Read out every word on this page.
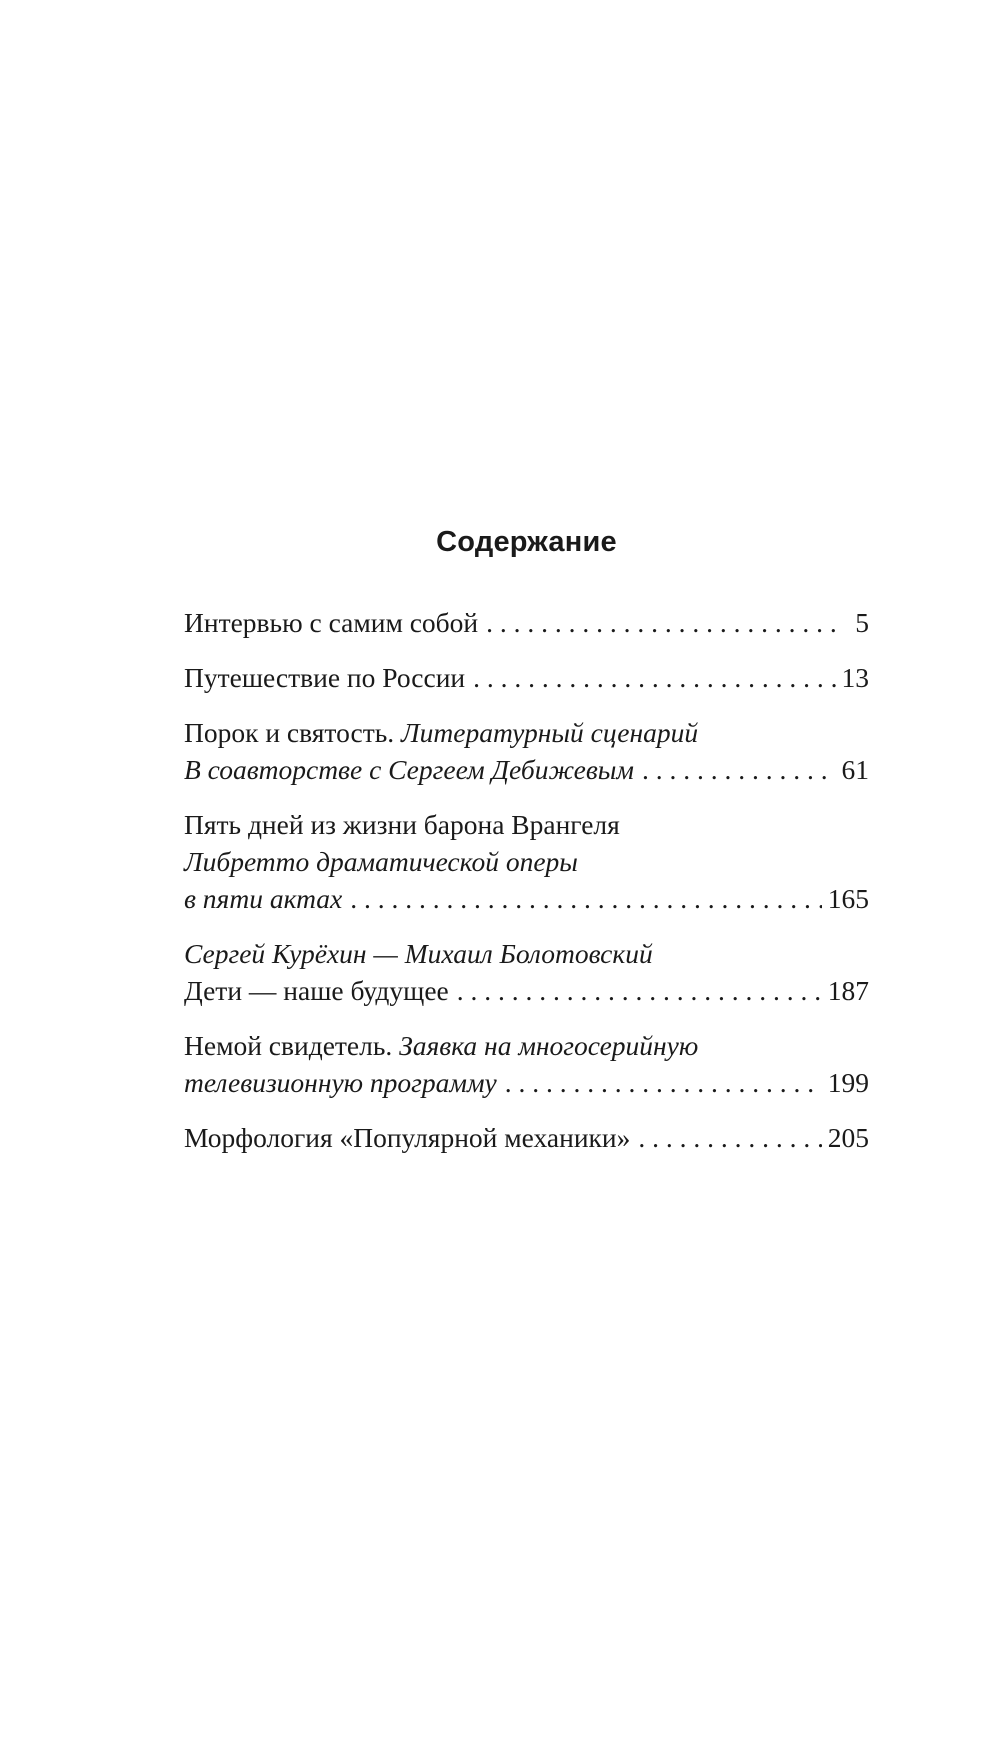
Содержание
Интервью с самим собой . . .	5
Путешествие по России . . .	13
Порок и святость. Литературный сценарий
В соавторстве с Сергеем Дебижевым . . .	61
Пять дней из жизни барона Врангеля
Либретто драматической оперы
в пяти актах . . .	165
Сергей Курёхин — Михаил Болотовский
Дети — наше будущее . . .	187
Немой свидетель. Заявка на многосерийную
телевизионную программу . . .	199
Морфология «Популярной механики» . . .	205
